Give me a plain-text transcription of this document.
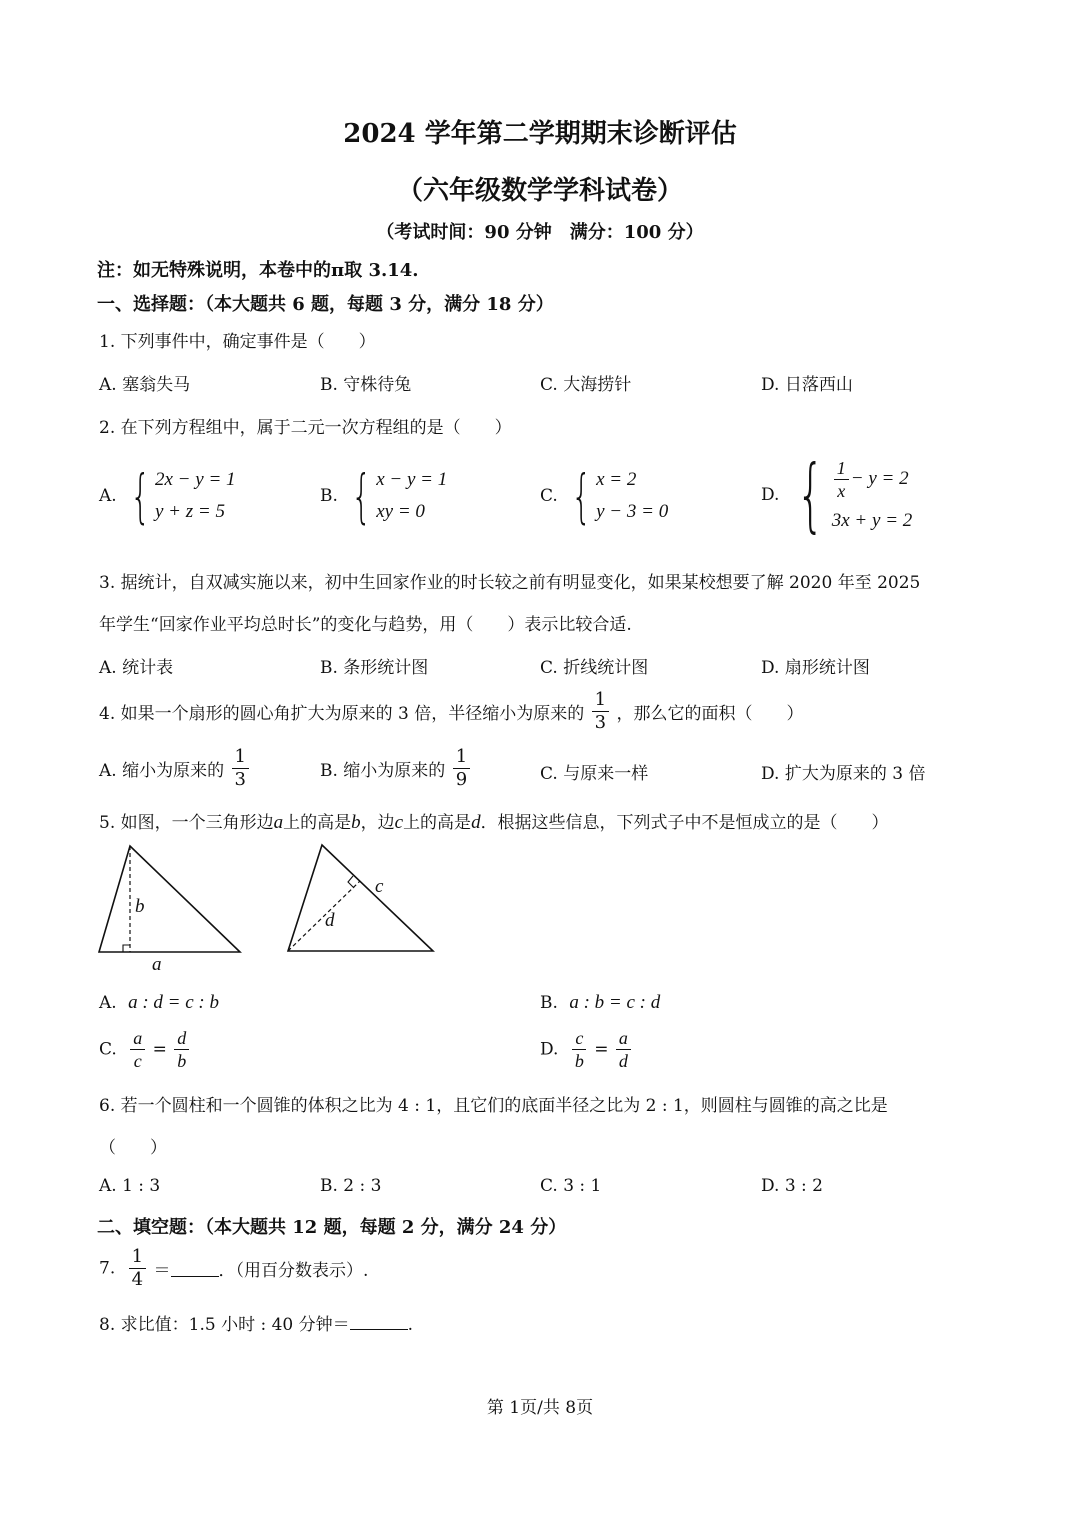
2024 学年第二学期期末诊断评估
（六年级数学学科试卷）
（考试时间：90 分钟　满分：100 分）
注：如无特殊说明，本卷中的π取 3.14.
一、选择题：（本大题共 6 题，每题 3 分，满分 18 分）
1. 下列事件中，确定事件是（　　）
A. 塞翁失马	B. 守株待兔	C. 大海捞针	D. 日落西山
2. 在下列方程组中，属于二元一次方程组的是（　　）
A. { 2x − y = 1
y + z = 5
B. { x − y = 1
xy = 0
C. { x = 2
y − 3 = 0
D. { $\frac{1}{x} - y = 2$
3x + y = 2
3. 据统计，自双减实施以来，初中生回家作业的时长较之前有明显变化，如果某校想要了解 2020 年至 2025
年学生“回家作业平均总时长”的变化与趋势，用（　　）表示比较合适.
A. 统计表	B. 条形统计图	C. 折线统计图	D. 扇形统计图
4. 如果一个扇形的圆心角扩大为原来的 3 倍，半径缩小为原来的 $\frac{1}{3}$ ，那么它的面积（　　）
A. 缩小为原来的 $\frac{1}{3}$	B. 缩小为原来的 $\frac{1}{9}$	C. 与原来一样	D. 扩大为原来的 3 倍
5. 如图，一个三角形边a上的高是b，边c上的高是d．根据这些信息，下列式子中不是恒成立的是（　　）
b
a
d
c
A. a : d = c : b	B. a : b = c : d
C. $\frac{a}{c} = \frac{d}{b}$	D. $\frac{c}{b} = \frac{a}{d}$
6. 若一个圆柱和一个圆锥的体积之比为 4 : 1，且它们的底面半径之比为 2 : 1，则圆柱与圆锥的高之比是
（　　）
A. 1 : 3	B. 2 : 3	C. 3 : 1	D. 3 : 2
二、填空题：（本大题共 12 题，每题 2 分，满分 24 分）
7. $\frac{1}{4}$ ＝	．（用百分数表示）.
8. 求比值：1.5 小时 : 40 分钟＝	.
第 1页/共 8页
